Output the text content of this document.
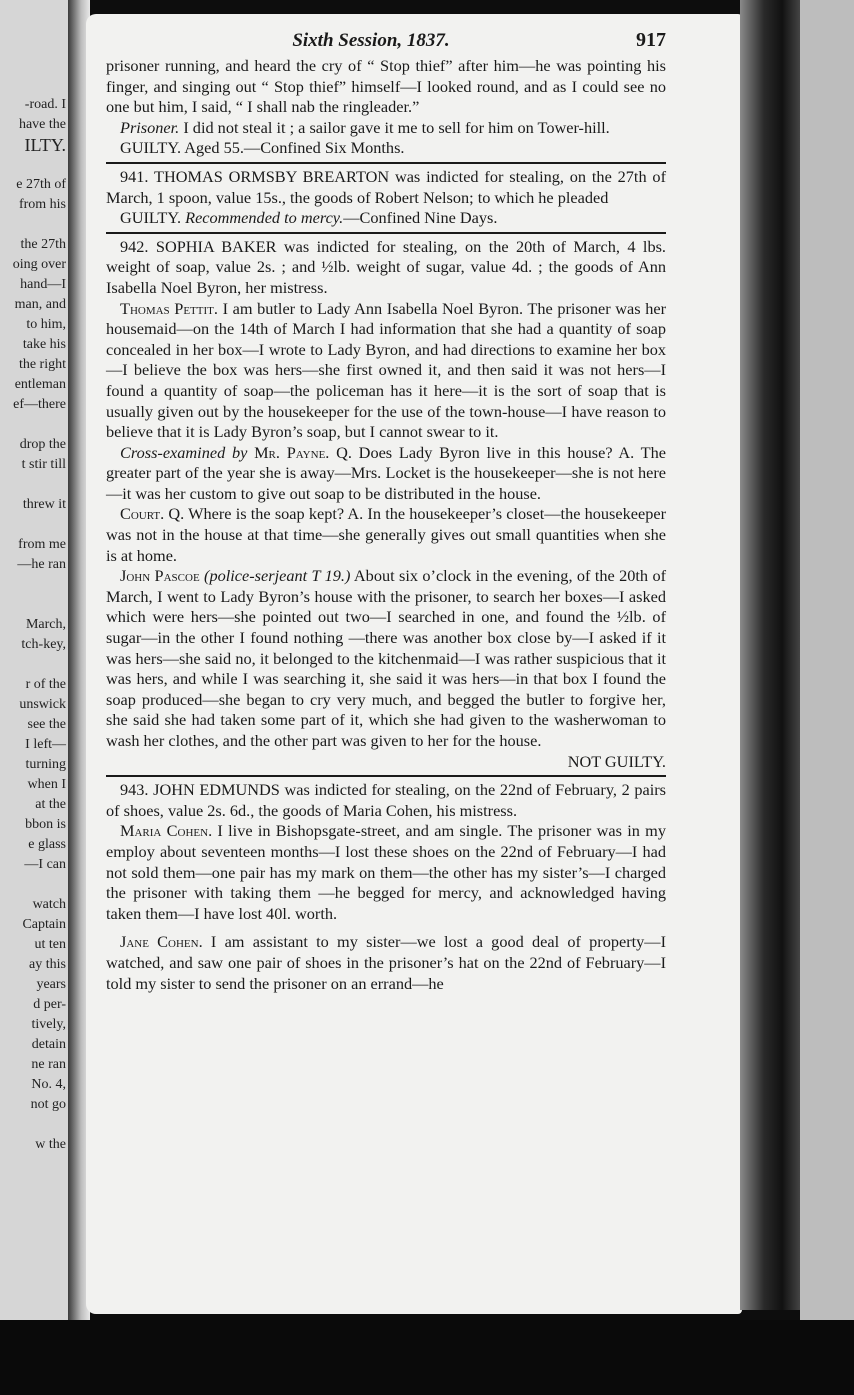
-road. I
have the
ILTY.
e 27th of
from his
the 27th
oing over
hand—I
man, and
to him,
take his
the right
entleman
ef—there
drop the
t stir till
threw it
from me
—he ran
March,
tch-key,
r of the
unswick
see the
I left—
turning
when I
at the
bbon is
e glass
—I can
watch
Captain
ut ten
ay this
years
d per-
tively,
detain
ne ran
No. 4,
not go
w the
Sixth Session, 1837.	917

prisoner running, and heard the cry of “ Stop thief” after him—he was pointing his finger, and singing out “ Stop thief” himself—I looked round, and as I could see no one but him, I said, “ I shall nab the ringleader.”

Prisoner. I did not steal it ; a sailor gave it me to sell for him on Tower-hill.

GUILTY. Aged 55.—Confined Six Months.

941. THOMAS ORMSBY BREARTON was indicted for stealing, on the 27th of March, 1 spoon, value 15s., the goods of Robert Nelson; to which he pleaded

GUILTY. Recommended to mercy.—Confined Nine Days.

942. SOPHIA BAKER was indicted for stealing, on the 20th of March, 4 lbs. weight of soap, value 2s. ; and ½lb. weight of sugar, value 4d. ; the goods of Ann Isabella Noel Byron, her mistress.

Thomas Pettit. I am butler to Lady Ann Isabella Noel Byron. The prisoner was her housemaid—on the 14th of March I had information that she had a quantity of soap concealed in her box—I wrote to Lady Byron, and had directions to examine her box—I believe the box was hers—she first owned it, and then said it was not hers—I found a quantity of soap—the policeman has it here—it is the sort of soap that is usually given out by the housekeeper for the use of the town-house—I have reason to believe that it is Lady Byron’s soap, but I cannot swear to it.

Cross-examined by Mr. Payne. Q. Does Lady Byron live in this house? A. The greater part of the year she is away—Mrs. Locket is the housekeeper—she is not here—it was her custom to give out soap to be distributed in the house.

Court. Q. Where is the soap kept? A. In the housekeeper’s closet—the housekeeper was not in the house at that time—she generally gives out small quantities when she is at home.

John Pascoe (police-serjeant T 19.) About six o’clock in the evening, of the 20th of March, I went to Lady Byron’s house with the prisoner, to search her boxes—I asked which were hers—she pointed out two—I searched in one, and found the ½lb. of sugar—in the other I found nothing —there was another box close by—I asked if it was hers—she said no, it belonged to the kitchenmaid—I was rather suspicious that it was hers, and while I was searching it, she said it was hers—in that box I found the soap produced—she began to cry very much, and begged the butler to forgive her, she said she had taken some part of it, which she had given to the washerwoman to wash her clothes, and the other part was given to her for the house.

NOT GUILTY.

943. JOHN EDMUNDS was indicted for stealing, on the 22nd of February, 2 pairs of shoes, value 2s. 6d., the goods of Maria Cohen, his mistress.

Maria Cohen. I live in Bishopsgate-street, and am single. The prisoner was in my employ about seventeen months—I lost these shoes on the 22nd of February—I had not sold them—one pair has my mark on them—the other has my sister’s—I charged the prisoner with taking them —he begged for mercy, and acknowledged having taken them—I have lost 40l. worth.

Jane Cohen. I am assistant to my sister—we lost a good deal of property—I watched, and saw one pair of shoes in the prisoner’s hat on the 22nd of February—I told my sister to send the prisoner on an errand—he
